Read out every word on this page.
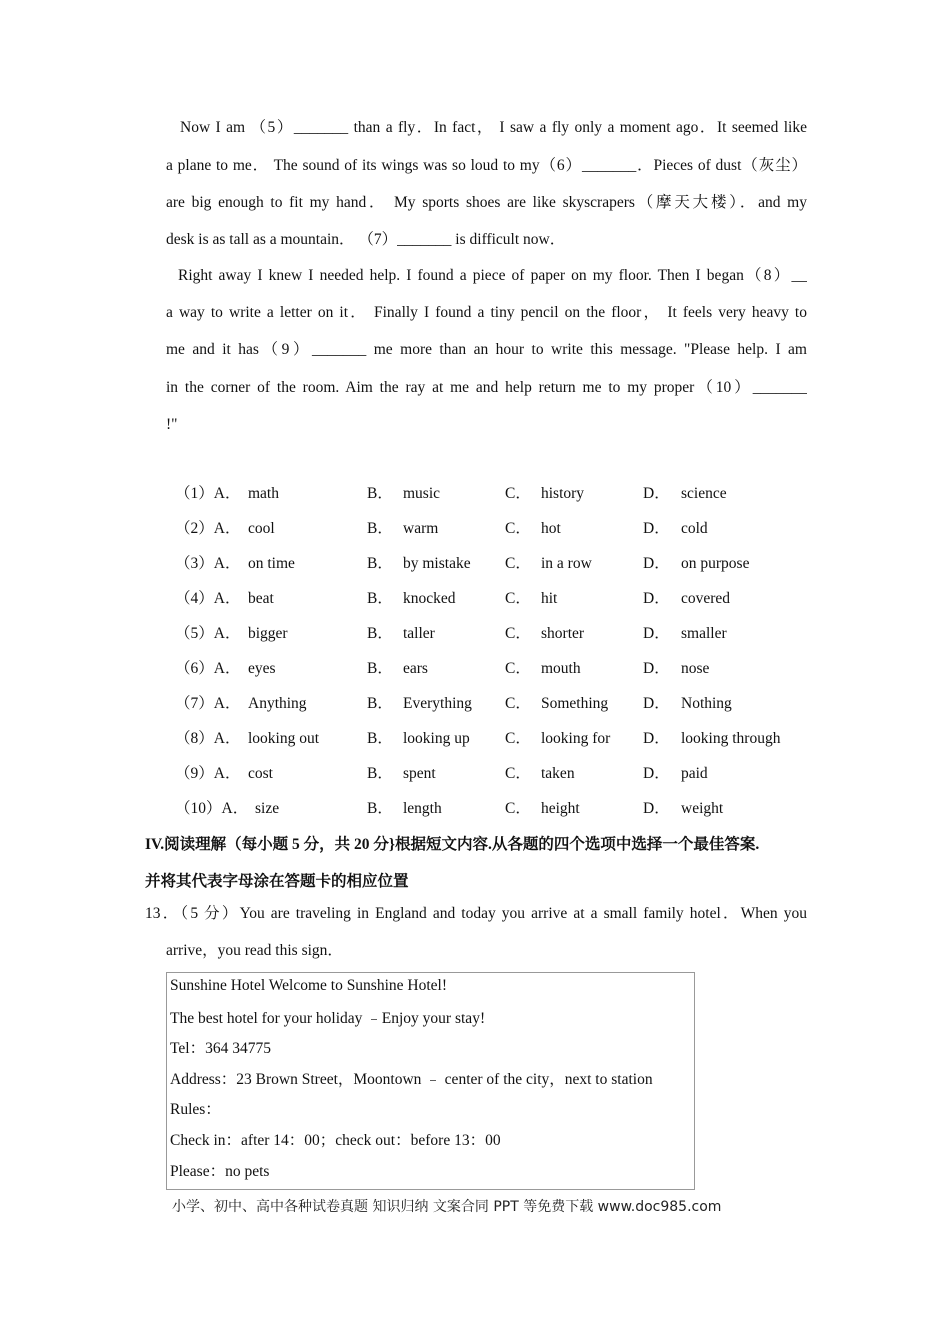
Now I am （5）_______ than a fly．In fact， I saw a fly only a moment ago．It seemed like
a plane to me． The sound of its wings was so loud to my（6）_______．Pieces of dust（灰尘）
are big enough to fit my hand． My sports shoes are like skyscrapers（摩天大楼）．and my
desk is as tall as a mountain． （7）_______ is difficult now．
Right away I knew I needed help. I found a piece of paper on my floor. Then I began（8）__
a way to write a letter on it． Finally I found a tiny pencil on the floor， It feels very heavy to
me and it has（9）_______ me more than an hour to write this message. "Please help. I am
in the corner of the room. Aim the ray at me and help return me to my proper（10）_______
!"
（1）A． math	B． music	C． history	D． science
（2）A． cool	B． warm	C． hot	D． cold
（3）A． on time	B． by mistake C． in a row	D． on purpose
（4）A． beat	B． knocked	C． hit	D． covered
（5）A． bigger	B． taller	C． shorter	D． smaller
（6）A． eyes	B． ears	C． mouth	D． nose
（7）A． Anything	B． Everything C． Something D． Nothing
（8）A． looking out	B． looking up C． looking for D． looking through
（9）A． cost	B． spent	C． taken	D． paid
（10）A． size	B． length	C． height	D． weight
IV.阅读理解（每小题 5 分，共 20 分}根据短文内容.从各题的四个选项中选择一个最佳答案.
并将其代表字母涂在答题卡的相应位置
13．（5 分）You are traveling in England and today you arrive at a small family hotel．When you
arrive，you read this sign．
Sunshine Hotel Welcome to Sunshine Hotel!
The best hotel for your holiday ﹣Enjoy your stay!
Tel：364 34775
Address：23 Brown Street，Moontown ﹣ center of the city，next to station
Rules：
Check in：after 14：00；check out：before 13：00
Please：no pets
小学、初中、高中各种试卷真题 知识归纳 文案合同 PPT 等免费下载 www.doc985.com
